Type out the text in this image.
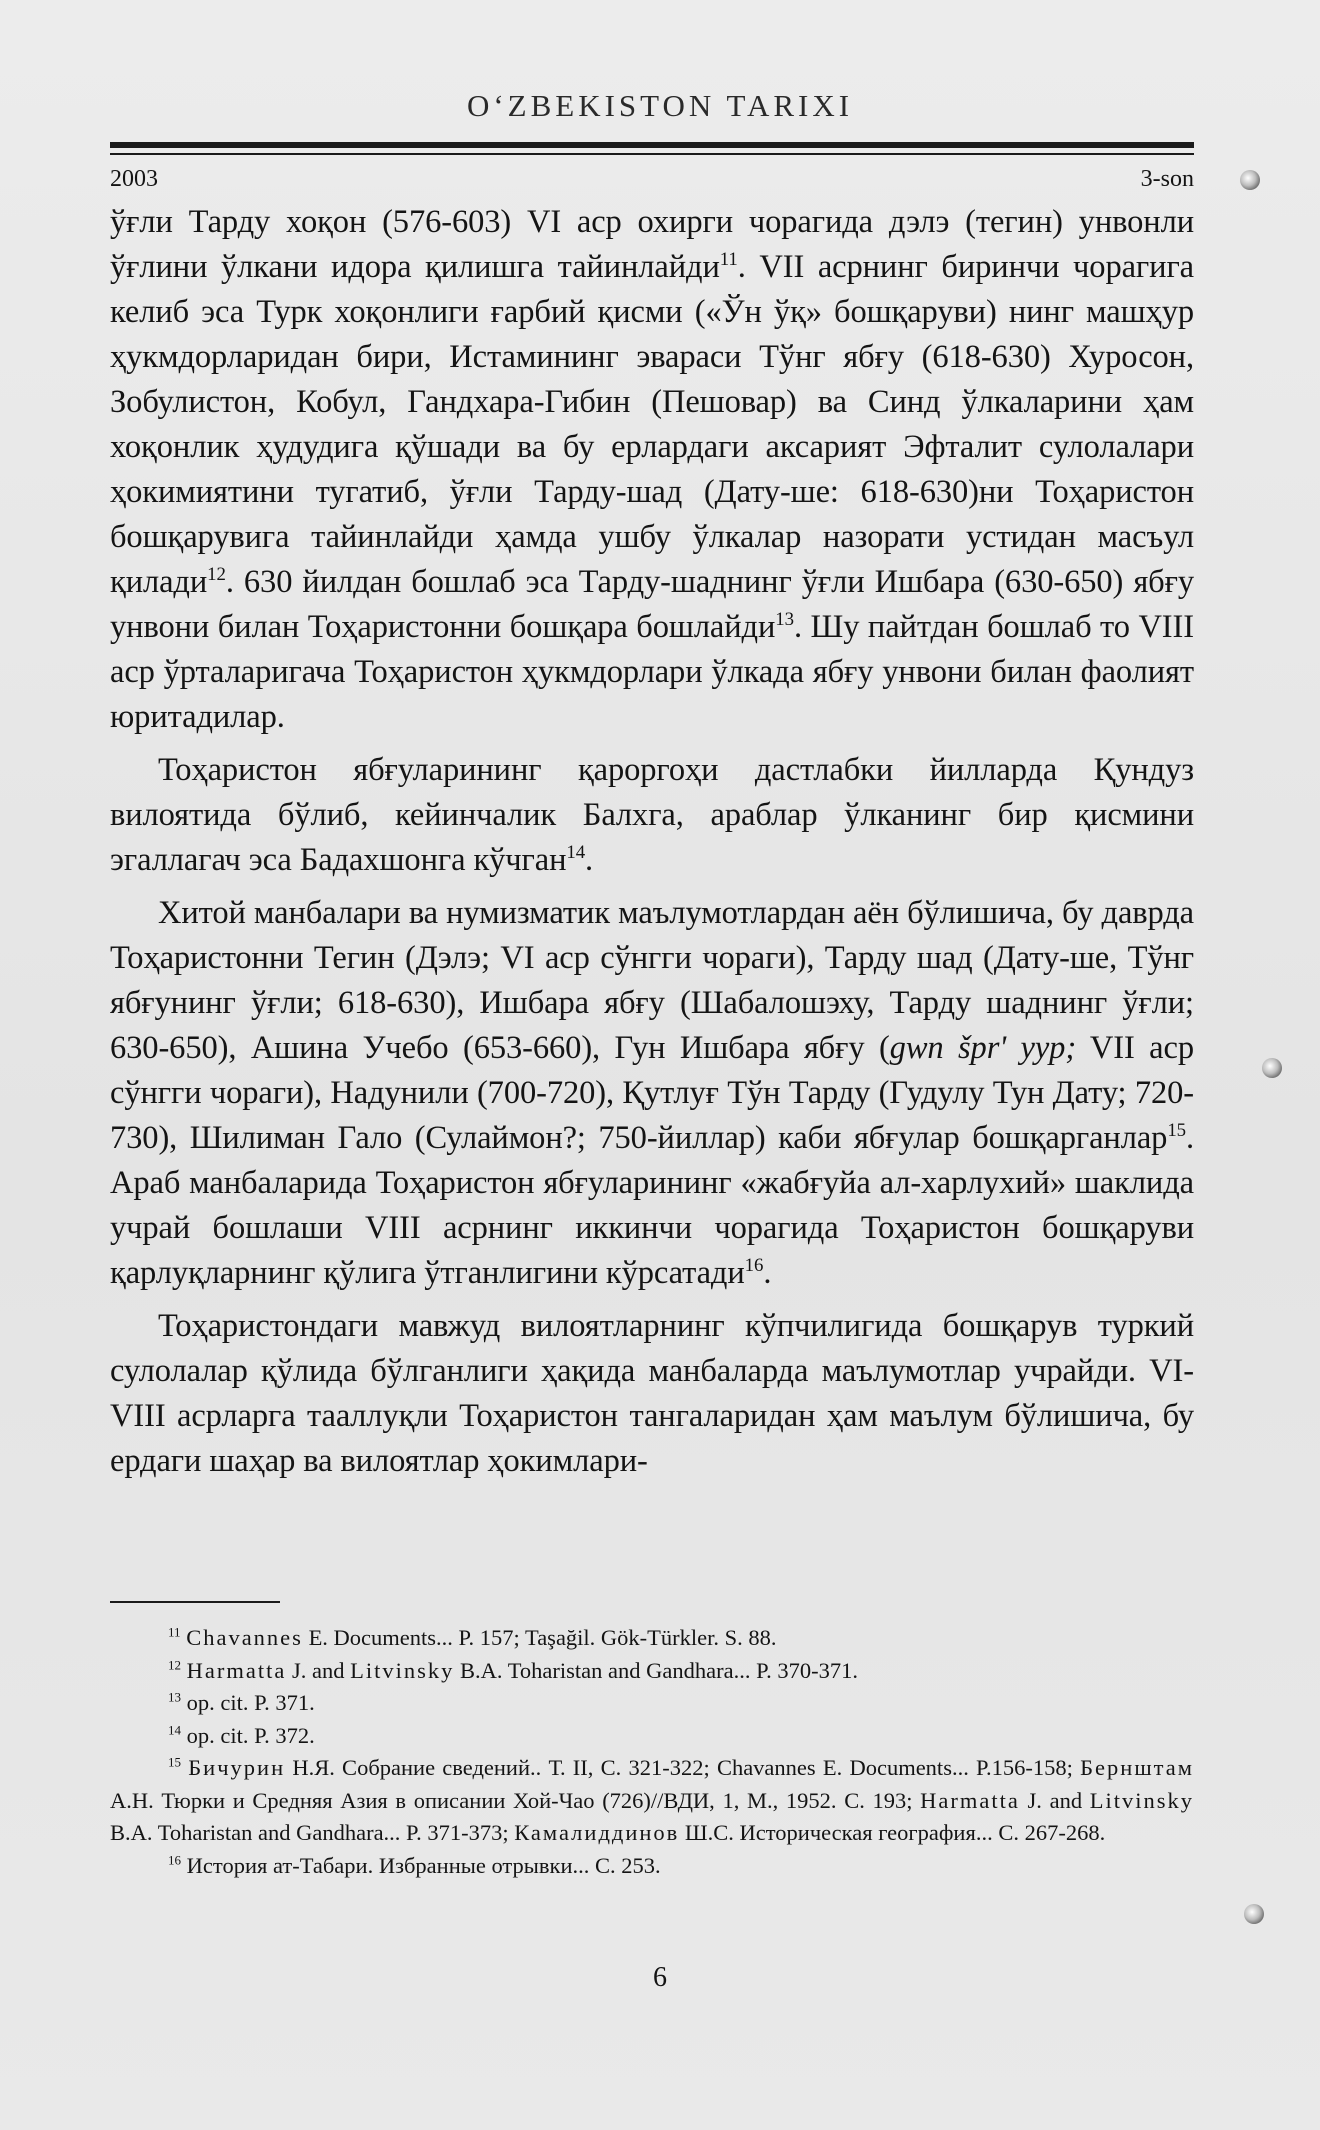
O‘ZBEKISTON TARIXI
2003	3-son

ўғли Тарду хоқон (576-603) VI аср охирги чорагида дэлэ (тегин) унвонли ўғлини ўлкани идора қилишга тайинлайди$^{11}$. VII асрнинг биринчи чорагига келиб эса Турк хоқонлиги ғарбий қисми («Ўн ўқ» бошқаруви) нинг машҳур ҳукмдорларидан бири, Истамининг эвараси Тўнг ябғу (618-630) Хуросон, Зобулистон, Кобул, Гандхара-Гибин (Пешовар) ва Синд ўлкаларини ҳам хоқонлик ҳудудига қўшади ва бу ерлардаги аксарият Эфталит сулолалари ҳокимиятини тугатиб, ўғли Тарду-шад (Дату-ше: 618-630)ни Тоҳаристон бошқарувига тайинлайди ҳамда ушбу ўлкалар назорати устидан масъул қилади$^{12}$. 630 йилдан бошлаб эса Тарду-шаднинг ўғли Ишбара (630-650) ябғу унвони билан Тоҳаристонни бошқара бошлайди$^{13}$. Шу пайтдан бошлаб то VIII аср ўрталаригача Тоҳаристон ҳукмдорлари ўлкада ябғу унвони билан фаолият юритадилар.

Тоҳаристон ябғуларининг қароргоҳи дастлабки йилларда Қундуз вилоятида бўлиб, кейинчалик Балхга, араблар ўлканинг бир қисмини эгаллагач эса Бадахшонга кўчган$^{14}$.

Хитой манбалари ва нумизматик маълумотлардан аён бўлишича, бу даврда Тоҳаристонни Тегин (Дэлэ; VI аср сўнгги чораги), Тарду шад (Дату-ше, Тўнг ябғунинг ўғли; 618-630), Ишбара ябғу (Шабалошэху, Тарду шаднинг ўғли; 630-650), Ашина Учебо (653-660), Гун Ишбара ябғу (gwn špr' yyp; VII аср сўнгги чораги), Надунили (700-720), Қутлуғ Тўн Тарду (Гудулу Тун Дату; 720-730), Шилиман Гало (Сулаймон?; 750-йиллар) каби ябғулар бошқарганлар$^{15}$. Араб манбаларида Тоҳаристон ябғуларининг «жабғуйа ал-харлухий» шаклида учрай бошлаши VIII асрнинг иккинчи чорагида Тоҳаристон бошқаруви қарлуқларнинг қўлига ўтганлигини кўрсатади$^{16}$.

Тоҳаристондаги мавжуд вилоятларнинг кўпчилигида бошқарув туркий сулолалар қўлида бўлганлиги ҳақида манбаларда маълумотлар учрайди. VI-VIII асрларга таaллуқли Тоҳаристон тангаларидан ҳам маълум бўлишича, бу ердаги шаҳар ва вилоятлар ҳокимлари-

$^{11}$ Chavannes E. Documents... P. 157; Taşağil. Gök-Türkler. S. 88.

$^{12}$ Harmatta J. and Litvinsky B.A. Toharistan and Gandhara... P. 370-371.

$^{13}$ op. cit. P. 371.

$^{14}$ op. cit. P. 372.

$^{15}$ Бичурин Н.Я. Собрание сведений.. Т. II, С. 321-322; Chavannes E. Documents... P.156-158; Бернштам А.Н. Тюрки и Средняя Азия в описании Хой-Чао (726)//ВДИ, 1, М., 1952. С. 193; Harmatta J. and Litvinsky B.A. Toharistan and Gandhara... P. 371-373; Камалиддинов Ш.С. Историческая география... С. 267-268.

$^{16}$ История ат-Табари. Избранные отрывки... С. 253.

6
